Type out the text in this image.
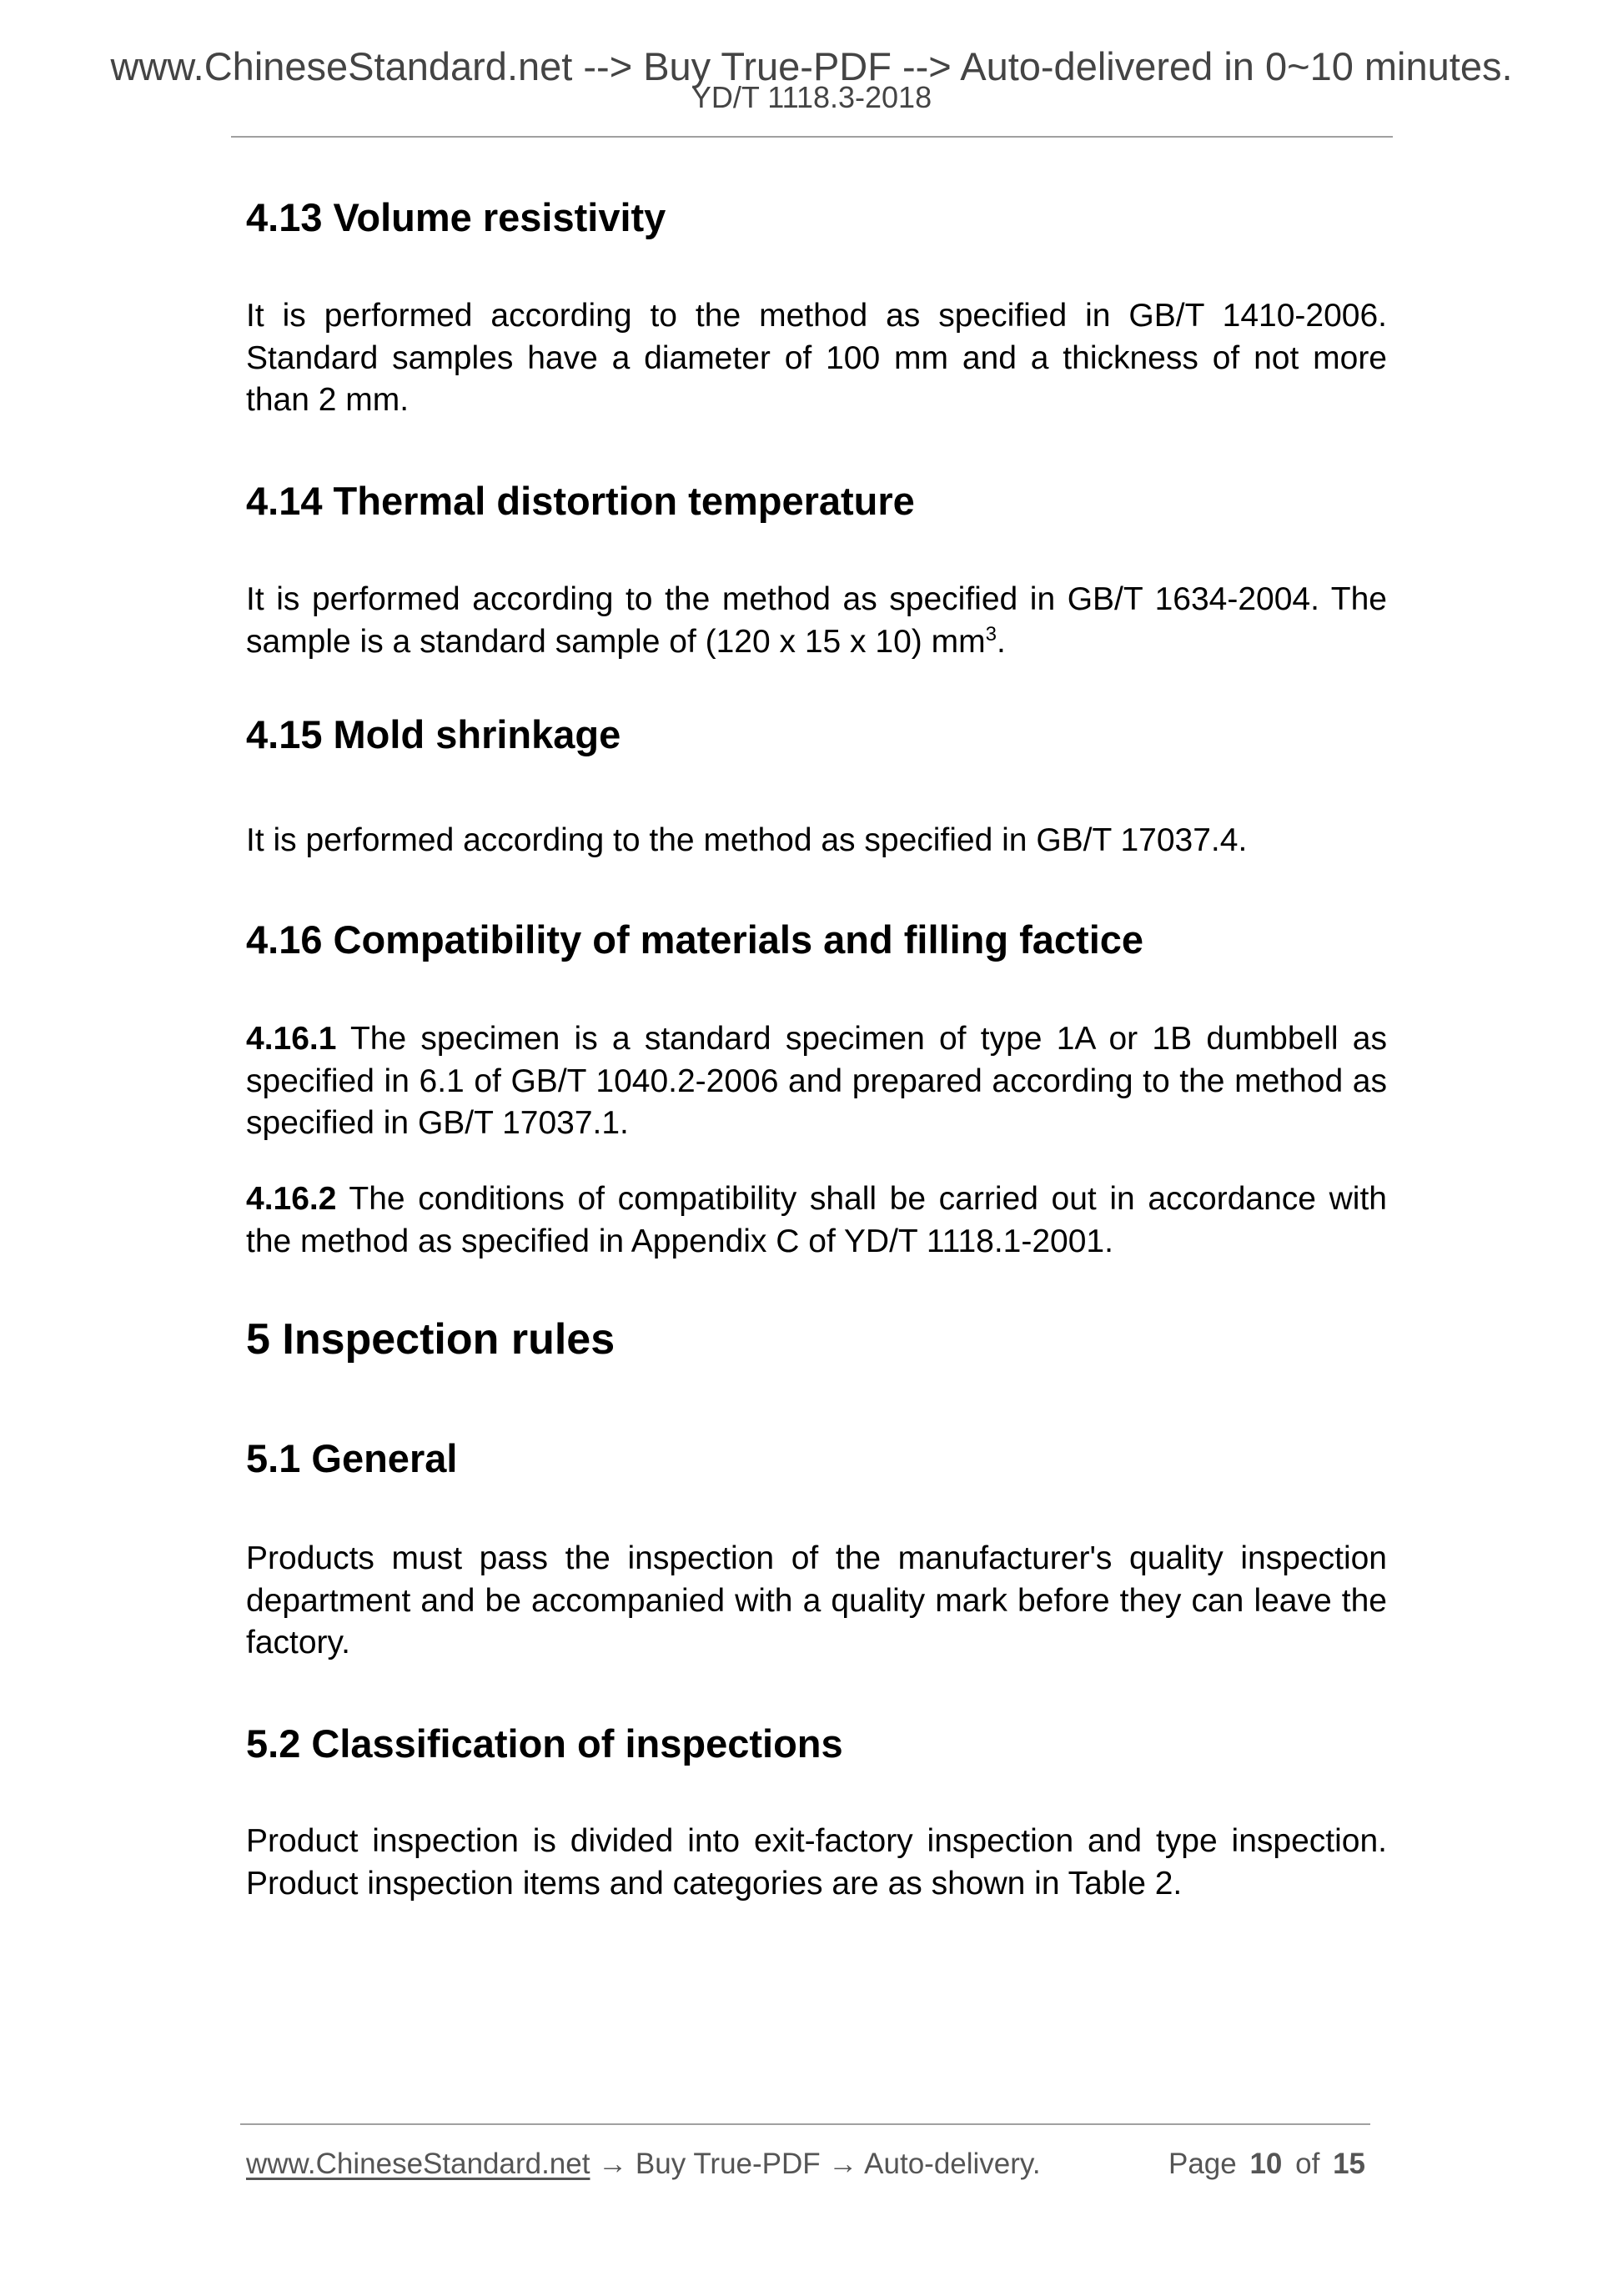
www.ChineseStandard.net --> Buy True-PDF --> Auto-delivered in 0~10 minutes.
YD/T 1118.3-2018
4.13 Volume resistivity

It is performed according to the method as specified in GB/T 1410-2006. Standard samples have a diameter of 100 mm and a thickness of not more than 2 mm.

4.14 Thermal distortion temperature

It is performed according to the method as specified in GB/T 1634-2004. The sample is a standard sample of (120 x 15 x 10) $mm^3$.

4.15 Mold shrinkage

It is performed according to the method as specified in GB/T 17037.4.

4.16 Compatibility of materials and filling factice

4.16.1 The specimen is a standard specimen of type 1A or 1B dumbbell as specified in 6.1 of GB/T 1040.2-2006 and prepared according to the method as specified in GB/T 17037.1.

4.16.2 The conditions of compatibility shall be carried out in accordance with the method as specified in Appendix C of YD/T 1118.1-2001.

5 Inspection rules
5.1 General

Products must pass the inspection of the manufacturer's quality inspection department and be accompanied with a quality mark before they can leave the factory.

5.2 Classification of inspections

Product inspection is divided into exit-factory inspection and type inspection. Product inspection items and categories are as shown in Table 2.

www.ChineseStandard.net → Buy True-PDF → Auto-delivery.	Page 10 of 15
